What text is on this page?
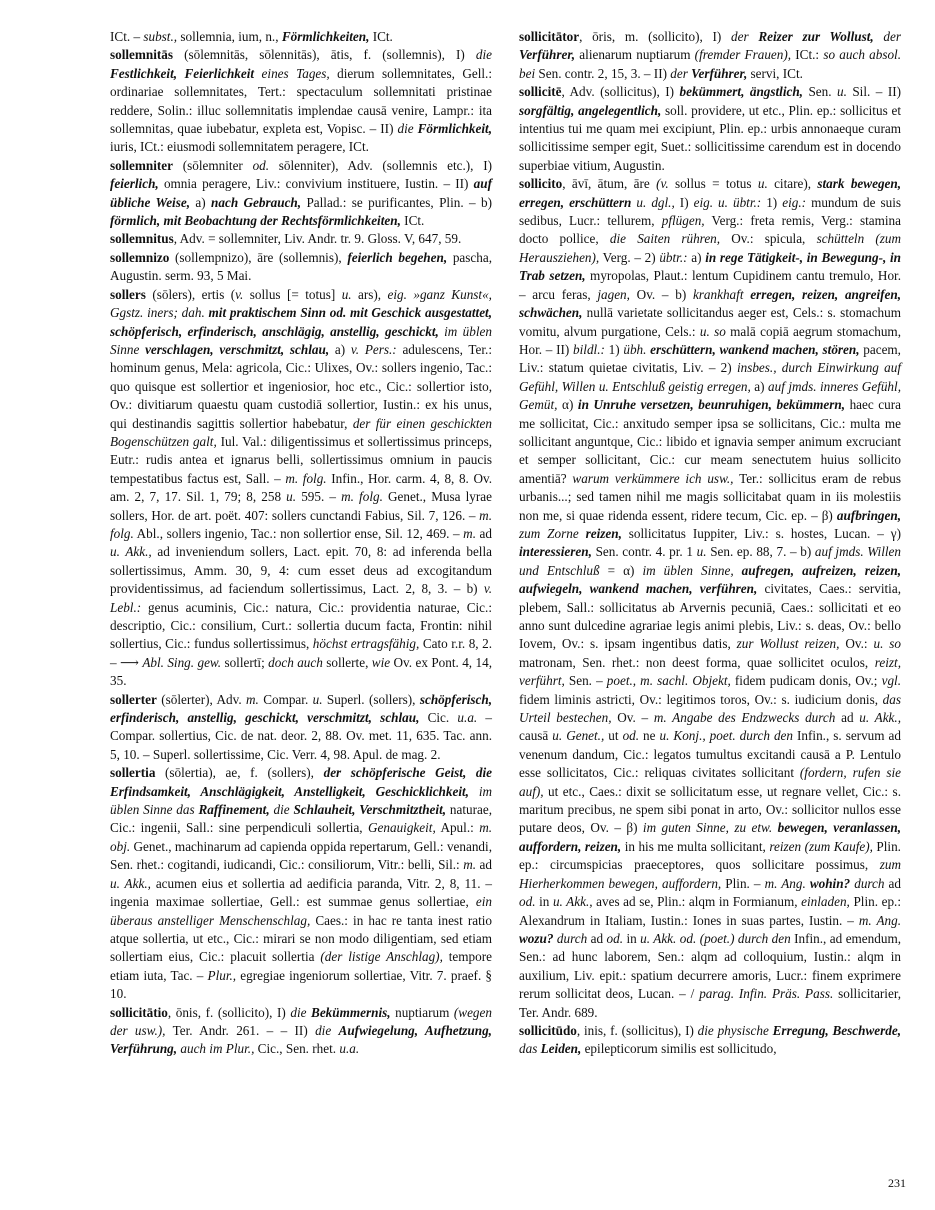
ICt. – subst., sollemnia, ium, n., Förmlichkeiten, ICt.

sollemnitās (sōlemnitās, sōlennitās), ātis, f. (sollemnis), I) die Festlichkeit, Feierlichkeit eines Tages, dierum sollemnitates, Gell.: ordinariae sollemnitates, Tert.: spectaculum sollemnitati pristinae reddere, Solin.: illuc sollemnitatis implendae causā venire, Lampr.: ita sollemnitas, quae iubebatur, expleta est, Vopisc. – II) die Förmlichkeit, iuris, ICt.: eiusmodi sollemnitatem peragere, ICt.

sollemniter (sōlemniter od. sōlenniter), Adv. (sollemnis etc.), I) feierlich, omnia peragere, Liv.: convivium instituere, Iustin. – II) auf übliche Weise, a) nach Gebrauch, Pallad.: se purificantes, Plin. – b) förmlich, mit Beobachtung der Rechtsförmlichkeiten, ICt.

sollemnitus, Adv. = sollemniter, Liv. Andr. tr. 9. Gloss. V, 647, 59.

sollemnizo (sollempnizo), āre (sollemnis), feierlich begehen, pascha, Augustin. serm. 93, 5 Mai.

sollers (sōlers), ertis (v. sollus [= totus] u. ars), eig. »ganz Kunst«, Ggstz. iners; dah. mit praktischem Sinn od. mit Geschick ausgestattet, schöpferisch, erfinderisch, anschlägig, anstellig, geschickt, im üblen Sinne verschlagen, verschmitzt, schlau, a) v. Pers.: adulescens, Ter.: hominum genus, Mela: agricola, Cic.: Ulixes, Ov.: sollers ingenio, Tac.: quo quisque est sollertior et ingeniosior, hoc etc., Cic.: sollertior isto, Ov.: divitiarum quaestu quam custodiā sollertior, Iustin.: ex his unus, qui destinandis sagittis sollertior habebatur, der für einen geschickten Bogenschützen galt, Iul. Val.: diligentissimus et sollertissimus princeps, Eutr.: rudis antea et ignarus belli, sollertissimus omnium in paucis tempestatibus factus est, Sall. – m. folg. Infin., Hor. carm. 4, 8, 8. Ov. am. 2, 7, 17. Sil. 1, 79; 8, 258 u. 595. – m. folg. Genet., Musa lyrae sollers, Hor. de art. poët. 407: sollers cunctandi Fabius, Sil. 7, 126. – m. folg. Abl., sollers ingenio, Tac.: non sollertior ense, Sil. 12, 469. – m. ad u. Akk., ad inveniendum sollers, Lact. epit. 70, 8: ad inferenda bella sollertissimus, Amm. 30, 9, 4: cum esset deus ad excogitandum providentissimus, ad faciendum sollertissimus, Lact. 2, 8, 3. – b) v. Lebl.: genus acuminis, Cic.: natura, Cic.: providentia naturae, Cic.: descriptio, Cic.: consilium, Curt.: sollertia ducum facta, Frontin: nihil sollertius, Cic.: fundus sollertissimus, höchst ertragsfähig, Cato r.r. 8, 2. – ⟶ Abl. Sing. gew. sollertī; doch auch sollerte, wie Ov. ex Pont. 4, 14, 35.

sollerter (sōlerter), Adv. m. Compar. u. Superl. (sollers), schöpferisch, erfinderisch, anstellig, geschickt, verschmitzt, schlau, Cic. u.a. – Compar. sollertius, Cic. de nat. deor. 2, 88. Ov. met. 11, 635. Tac. ann. 5, 10. – Superl. sollertissime, Cic. Verr. 4, 98. Apul. de mag. 2.

sollertia (sōlertia), ae, f. (sollers), der schöpferische Geist, die Erfindsamkeit, Anschlägigkeit, Anstelligkeit, Geschicklichkeit, im üblen Sinne das Raffinement, die Schlauheit, Verschmitztheit, naturae, Cic.: ingenii, Sall.: sine perpendiculi sollertia, Genauigkeit, Apul.: m. obj. Genet., machinarum ad capienda oppida repertarum, Gell.: venandi, Sen. rhet.: cogitandi, iudicandi, Cic.: consiliorum, Vitr.: belli, Sil.: m. ad u. Akk., acumen eius et sollertia ad aedificia paranda, Vitr. 2, 8, 11. – ingenia maximae sollertiae, Gell.: est summae genus sollertiae, ein überaus anstelliger Menschenschlag, Caes.: in hac re tanta inest ratio atque sollertia, ut etc., Cic.: mirari se non modo diligentiam, sed etiam sollertiam eius, Cic.: placuit sollertia (der listige Anschlag), tempore etiam iuta, Tac. – Plur., egregiae ingeniorum sollertiae, Vitr. 7. praef. § 10.

sollicitātio, ōnis, f. (sollicito), I) die Bekümmernis, nuptiarum (wegen der usw.), Ter. Andr. 261. – – II) die Aufwiegelung, Aufhetzung, Verführung, auch im Plur., Cic., Sen. rhet. u.a.

sollicitātor, ōris, m. (sollicito), I) der Reizer zur Wollust, der Verführer, alienarum nuptiarum (fremder Frauen), ICt.: so auch absol. bei Sen. contr. 2, 15, 3. – II) der Verführer, servi, ICt.

sollicitē, Adv. (sollicitus), I) bekümmert, ängstlich, Sen. u. Sil. – II) sorgfältig, angelegentlich, soll. providere, ut etc., Plin. ep.: sollicitus et intentius tui me quam mei excipiunt, Plin. ep.: urbis annonaeque curam sollicitissime semper egit, Suet.: sollicitissime carendum est in docendo superbiae vitium, Augustin.

sollicito, āvī, ātum, āre (v. sollus = totus u. citare), stark bewegen, erregen, erschüttern u. dgl., I) eig. u. übtr.: 1) eig.: mundum de suis sedibus, Lucr.: tellurem, pflügen, Verg.: freta remis, Verg.: stamina docto pollice, die Saiten rühren, Ov.: spicula, schütteln (zum Herausziehen), Verg. – 2) übtr.: a) in rege Tätigkeit-, in Bewegung-, in Trab setzen, myropolas, Plaut.: lentum Cupidinem cantu tremulo, Hor. – arcu feras, jagen, Ov. – b) krankhaft erregen, reizen, angreifen, schwächen, nullā varietate sollicitandus aeger est, Cels.: s. stomachum vomitu, alvum purgatione, Cels.: u. so malā copiā aegrum stomachum, Hor. – II) bildl.: 1) übh. erschüttern, wankend machen, stören, pacem, Liv.: statum quietae civitatis, Liv. – 2) insbes., durch Einwirkung auf Gefühl, Willen u. Entschluß geistig erregen, a) auf jmds. inneres Gefühl, Gemüt, α) in Unruhe versetzen, beunruhigen, bekümmern, haec cura me sollicitat, Cic.: anxitudo semper ipsa se sollicitans, Cic.: multa me sollicitant anguntque, Cic.: libido et ignavia semper animum excruciant et semper sollicitant, Cic.: cur meam senectutem huius sollicito amentiā? warum verkümmere ich usw., Ter.: sollicitus eram de rebus urbanis...; sed tamen nihil me magis sollicitabat quam in iis molestiis non me, si quae ridenda essent, ridere tecum, Cic. ep. – β) aufbringen, zum Zorne reizen, sollicitatus Iuppiter, Liv.: s. hostes, Lucan. – γ) interessieren, Sen. contr. 4. pr. 1 u. Sen. ep. 88, 7. – b) auf jmds. Willen und Entschluß = α) im üblen Sinne, aufregen, aufreizen, reizen, aufwiegeln, wankend machen, verführen, civitates, Caes.: servitia, plebem, Sall.: sollicitatus ab Arvernis pecuniā, Caes.: sollicitati et eo anno sunt dulcedine agrariae legis animi plebis, Liv.: s. deas, Ov.: bello Iovem, Ov.: s. ipsam ingentibus datis, zur Wollust reizen, Ov.: u. so matronam, Sen. rhet.: non deest forma, quae sollicitet oculos, reizt, verführt, Sen. – poet., m. sachl. Objekt, fidem pudicam donis, Ov.; vgl. fidem liminis astricti, Ov.: legitimos toros, Ov.: s. iudicium donis, das Urteil bestechen, Ov. – m. Angabe des Endzwecks durch ad u. Akk., causā u. Genet., ut od. ne u. Konj., poet. durch den Infin., s. servum ad venenum dandum, Cic.: legatos tumultus excitandi causā a P. Lentulo esse sollicitatos, Cic.: reliquas civitates sollicitant (fordern, rufen sie auf), ut etc., Caes.: dixit se sollicitatum esse, ut regnare vellet, Cic.: s. maritum precibus, ne spem sibi ponat in arto, Ov.: sollicitor nullos esse putare deos, Ov. – β) im guten Sinne, zu etw. bewegen, veranlassen, auffordern, reizen, in his me multa sollicitant, reizen (zum Kaufe), Plin. ep.: circumspicias praeceptores, quos sollicitare possimus, zum Hierherkommen bewegen, auffordern, Plin. – m. Ang. wohin? durch ad od. in u. Akk., aves ad se, Plin.: alqm in Formianum, einladen, Plin. ep.: Alexandrum in Italiam, Iustin.: Iones in suas partes, Iustin. – m. Ang. wozu? durch ad od. in u. Akk. od. (poet.) durch den Infin., ad emendum, Sen.: ad hunc laborem, Sen.: alqm ad colloquium, Iustin.: alqm in auxilium, Liv. epit.: spatium decurrere amoris, Lucr.: finem exprimere rerum sollicitat deos, Lucan. – / parag. Infin. Präs. Pass. sollicitarier, Ter. Andr. 689.

sollicitūdo, inis, f. (sollicitus), I) die physische Erregung, Beschwerde, das Leiden, epilepticorum similis est sollicitudo,

231
